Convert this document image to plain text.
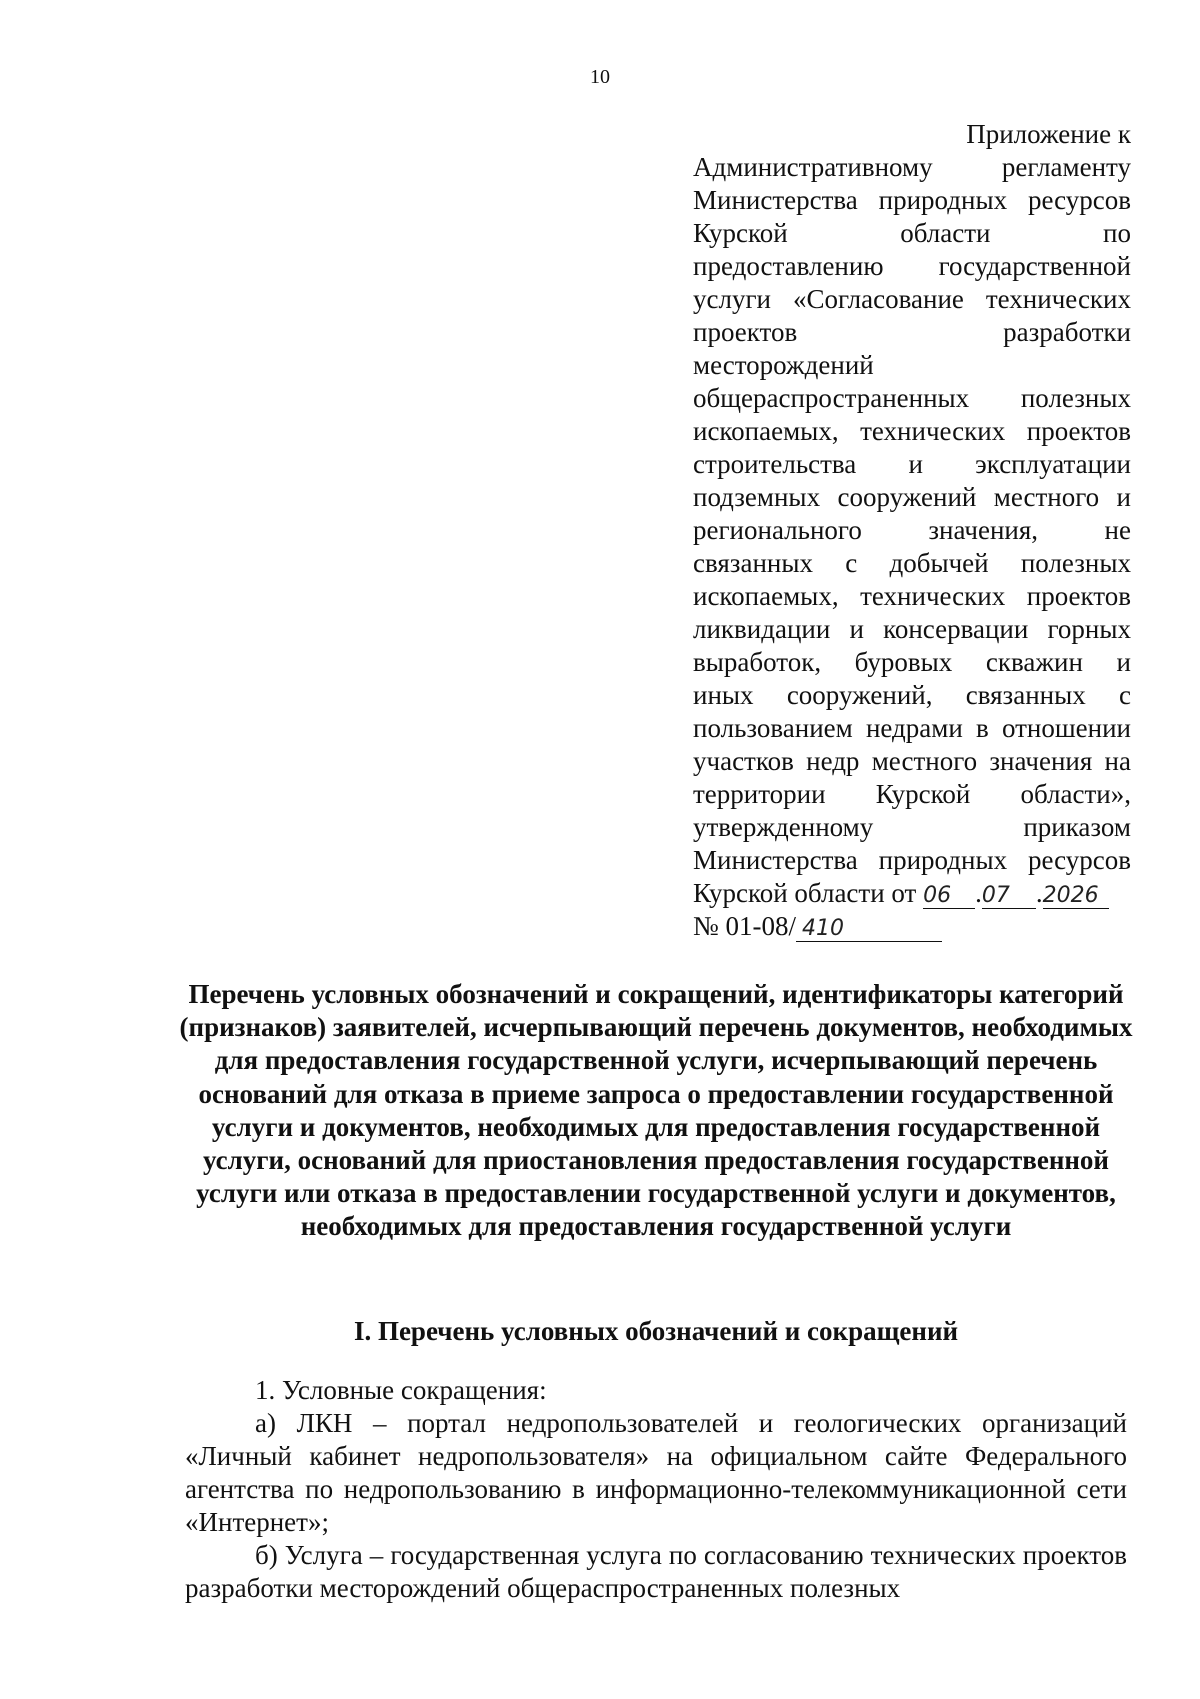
10
Приложение к
Административному регламенту
Министерства природных ресурсов
Курской области по
предоставлению государственной
услуги «Согласование технических
проектов разработки
месторождений
общераспространенных полезных
ископаемых, технических проектов
строительства и эксплуатации
подземных сооружений местного и
регионального значения, не
связанных с добычей полезных
ископаемых, технических проектов
ликвидации и консервации горных
выработок, буровых скважин и
иных сооружений, связанных с
пользованием недрами в отношении
участков недр местного значения на
территории Курской области»,
утвержденному приказом
Министерства природных ресурсов
Курской области от 06 .07 .2026
№ 01-08/ 410
Перечень условных обозначений и сокращений, идентификаторы категорий (признаков) заявителей, исчерпывающий перечень документов, необходимых для предоставления государственной услуги, исчерпывающий перечень оснований для отказа в приеме запроса о предоставлении государственной услуги и документов, необходимых для предоставления государственной услуги, оснований для приостановления предоставления государственной услуги или отказа в предоставлении государственной услуги и документов, необходимых для предоставления государственной услуги
I. Перечень условных обозначений и сокращений

1. Условные сокращения:

а) ЛКН – портал недропользователей и геологических организаций «Личный кабинет недропользователя» на официальном сайте Федерального агентства по недропользованию в информационно-телекоммуникационной сети «Интернет»;

б) Услуга – государственная услуга по согласованию технических проектов разработки месторождений общераспространенных полезных
